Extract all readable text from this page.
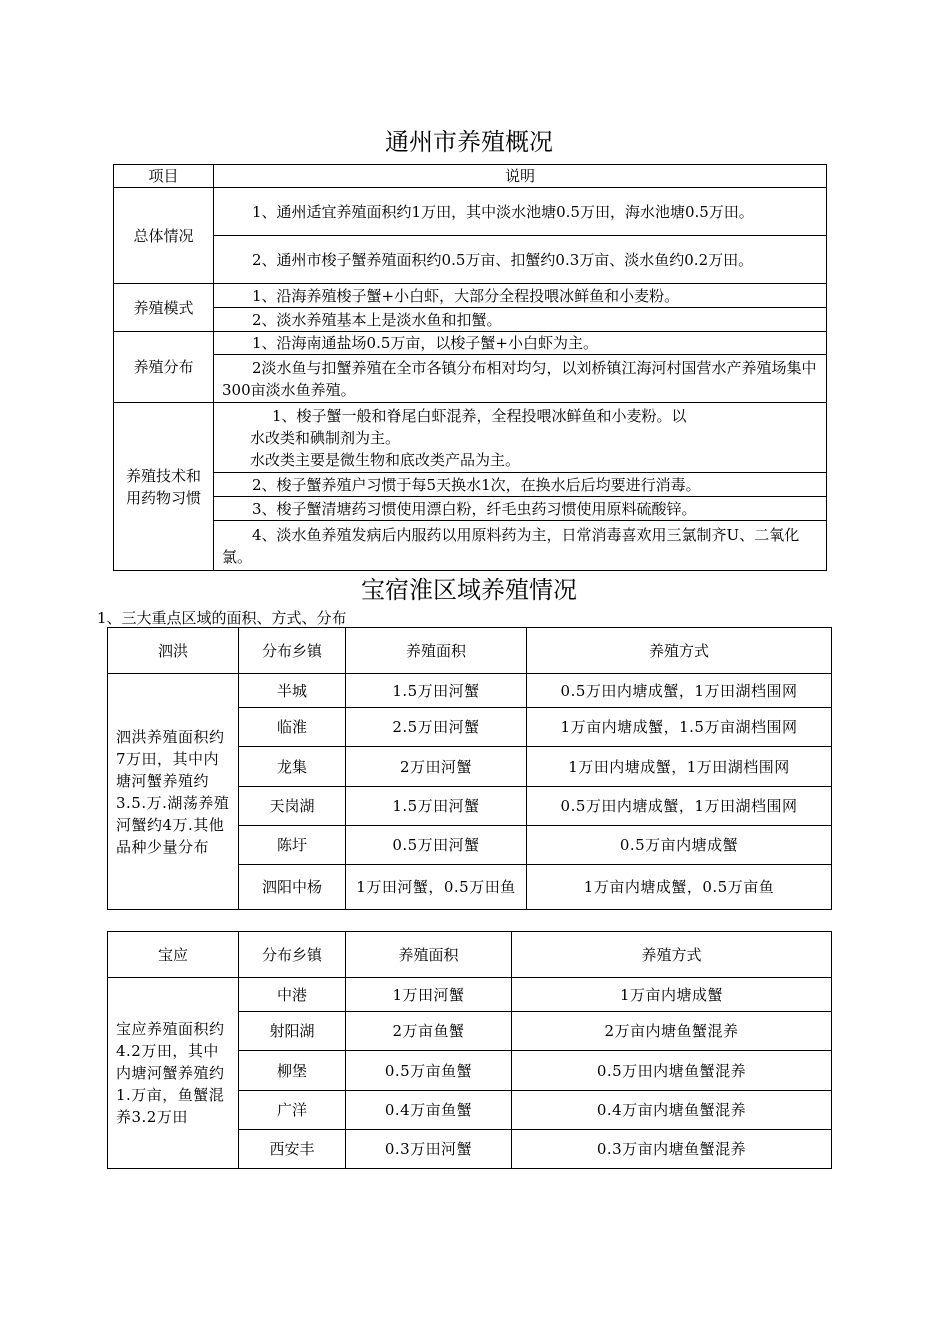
通州市养殖概况
项目	说明
总体情况	1、通州适宜养殖面积约1万田，其中淡水池塘0.5万田，海水池塘0.5万田。
	2、通州市梭子蟹养殖面积约0.5万亩、扣蟹约0.3万亩、淡水鱼约0.2万田。
养殖模式	1、沿海养殖梭子蟹+小白虾，大部分全程投喂冰鲜鱼和小麦粉。
	2、淡水养殖基本上是淡水鱼和扣蟹。
养殖分布	1、沿海南通盐场0.5万亩，以梭子蟹+小白虾为主。
	2淡水鱼与扣蟹养殖在全市各镇分布相对均匀，以刘桥镇江海河村国营水产养殖场集中300亩淡水鱼养殖。
养殖技术和用药物习惯	1、梭子蟹一般和脊尾白虾混养，全程投喂冰鲜鱼和小麦粉。以
水改类和碘制剂为主。
水改类主要是微生物和底改类产品为主。

	2、梭子蟹养殖户习惯于每5天换水1次，在换水后后均要进行消毒。
	3、梭子蟹清塘药习惯使用漂白粉，纤毛虫药习惯使用原料硫酸锌。
	4、淡水鱼养殖发病后内服药以用原料药为主，日常消毒喜欢用三氯制齐U、二氧化氯。
宝宿淮区域养殖情况
1、三大重点区域的面积、方式、分布
泗洪	分布乡镇	养殖面积	养殖方式
泗洪养殖面积约7万田，其中内塘河蟹养殖约3.5.万.湖荡养殖河蟹约4万.其他品种少量分布	半城	1.5万田河蟹	0.5万田内塘成蟹，1万田湖档围网
	临淮	2.5万田河蟹	1万亩内塘成蟹，1.5万亩湖档围网
	龙集	2万田河蟹	1万田内塘成蟹，1万田湖档围网
	天岗湖	1.5万田河蟹	0.5万田内塘成蟹，1万田湖档围网
	陈圩	0.5万田河蟹	0.5万亩内塘成蟹
	泗阳中杨	1万田河蟹，0.5万田鱼	1万亩内塘成蟹，0.5万亩鱼
宝应	分布乡镇	养殖面积	养殖方式
宝应养殖面积约4.2万田，其中内塘河蟹养殖约1.万亩，鱼蟹混养3.2万田	中港	1万田河蟹	1万亩内塘成蟹
	射阳湖	2万亩鱼蟹	2万亩内塘鱼蟹混养
	柳堡	0.5万亩鱼蟹	0.5万田内塘鱼蟹混养
	广洋	0.4万亩鱼蟹	0.4万亩内塘鱼蟹混养
	西安丰	0.3万田河蟹	0.3万亩内塘鱼蟹混养
